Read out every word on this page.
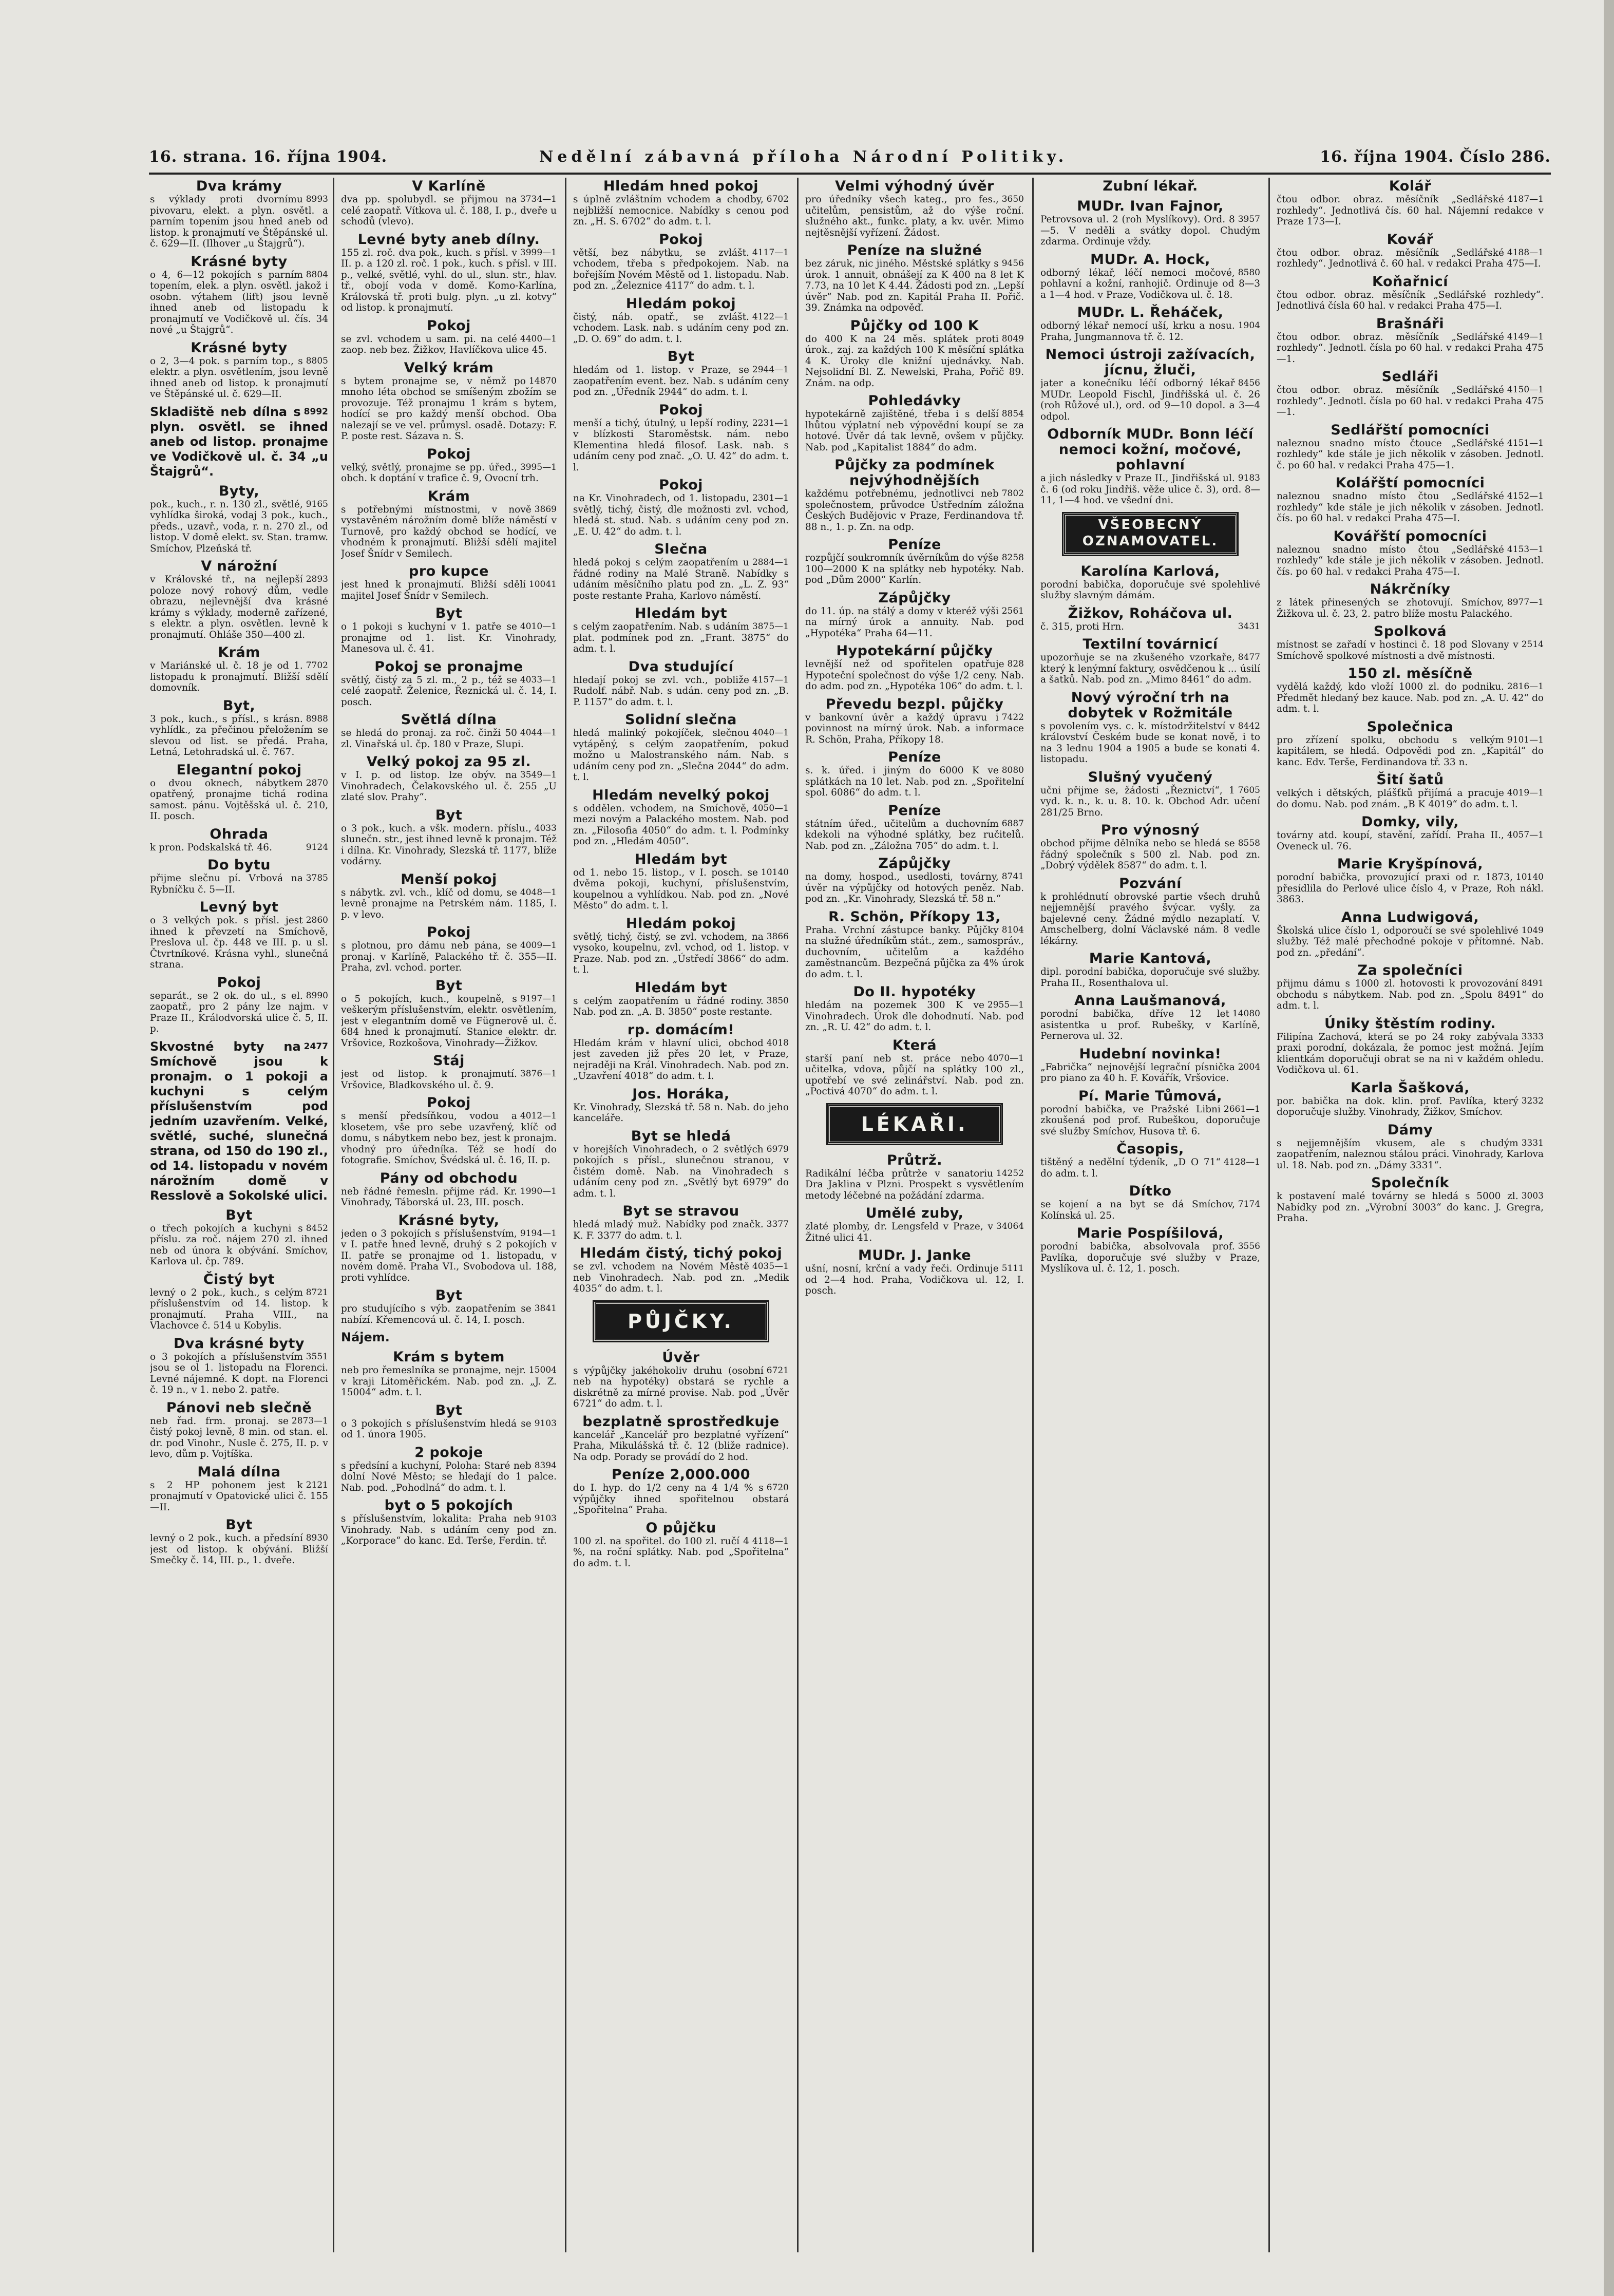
16. strana. 16. října 1904.	Nedělní zábavná příloha Národní Politiky.	16. října 1904. Číslo 286.
Dva krámy
8993
s výklady proti dvornímu pivovaru, elekt. a plyn. osvětl. a parním topením jsou hned aneb od listop. k pronajmutí ve Štěpánské ul. č. 629—II. (Ilhover „u Štajgrů“).
Krásné byty
8804
o 4, 6—12 pokojích s parním topením, elek. a plyn. osvětl. jakož i osobn. výtahem (lift) jsou levně ihned aneb od listopadu k pronajmutí ve Vodičkově ul. čís. 34 nové „u Štajgrů“.
Krásné byty
8805
o 2, 3—4 pok. s parním top., s elektr. a plyn. osvětlením, jsou levně ihned aneb od listop. k pronajmutí ve Štěpánské ul. č. 629—II.
8992
Skladiště neb dílna s plyn. osvětl. se ihned aneb od listop. pronajme ve Vodičkově ul. č. 34 „u Štajgrů“.
Byty,
9165
pok., kuch., r. n. 130 zl., světlé, vyhlídka široká, vodaj 3 pok., kuch., předs., uzavř., voda, r. n. 270 zl., od listop. V domě elekt. sv. Stan. tramw. Smíchov, Plzeňská tř.
V nárožní
2893
v Královské tř., na nejlepší poloze nový rohový dům, vedle obrazu, nejlevnější dva krásné krámy s výklady, moderně zařízené, s elektr. a plyn. osvětlen. levně k pronajmutí. Ohláše 350—400 zl.
Krám
7702
v Mariánské ul. č. 18 je od 1. listopadu k pronajmutí. Bližší sdělí domovník.
Byt,
8988
3 pok., kuch., s přísl., s krásn. vyhlídk., za přečinou přeložením se slevou od list. se předá. Praha, Letná, Letohradská ul. č. 767.
Elegantní pokoj
2870
o dvou oknech, nábytkem opatřený, pronajme tichá rodina samost. pánu. Vojtěšská ul. č. 210, II. posch.
Ohrada
9124
k pron. Podskalská tř. 46.
Do bytu
3785
přijme slečnu pí. Vrbová na Rybníčku č. 5—II.
Levný byt
2860
o 3 velkých pok. s přísl. jest ihned k převzetí na Smíchově, Preslova ul. čp. 448 ve III. p. u sl. Čtvrtníkové. Krásna vyhl., slunečná strana.
Pokoj
8990
separát., se 2 ok. do ul., s el. zaopatř., pro 2 pány lze najm. v Praze II., Králodvorská ulice č. 5, II. p.
2477
Skvostné byty na Smíchově jsou k pronajm. o 1 pokoji a kuchyni s celým příslušenstvím pod jedním uzavřením. Velké, světlé, suché, slunečná strana, od 150 do 190 zl., od 14. listopadu v novém nárožním domě v Resslově a Sokolské ulici.
Byt
8452
o třech pokojích a kuchyni s příslu. za roč. nájem 270 zl. ihned neb od února k obývání. Smíchov, Karlova ul. čp. 789.
Čistý byt
8721
levný o 2 pok., kuch., s celým příslušenstvím od 14. listop. k pronajmutí. Praha VIII., na Vlachovce č. 514 u Kobylis.
Dva krásné byty
3551
o 3 pokojích a příslušenstvím jsou se ol 1. listopadu na Florenci. Levné nájemné. K dopt. na Florenci č. 19 n., v 1. nebo 2. patře.
Pánovi neb slečně
2873—1
neb řad. frm. pronaj. se čistý pokoj levně, 8 min. od stan. el. dr. pod Vinohr., Nusle č. 275, II. p. v levo, dům p. Vojtíška.
Malá dílna
2121
s 2 HP pohonem jest k pronajmutí v Opatovické ulici č. 155—II.
Byt
8930
levný o 2 pok., kuch. a předsíní jest od listop. k obývání. Bližší Smečky č. 14, III. p., 1. dveře.
V Karlíně
3734—1
dva pp. spolubydl. se přijmou na celé zaopatř. Vítkova ul. č. 188, I. p., dveře u schodů (vlevo).
Levné byty aneb dílny.
3999—1
155 zl. roč. dva pok., kuch. s přísl. v II. p. a 120 zl. roč. 1 pok., kuch. s přísl. v III. p., velké, světlé, vyhl. do ul., slun. str., hlav. tř., obojí voda v domě. Komo-Karlína, Královská tř. proti bulg. plyn. „u zl. kotvy“ od listop. k pronajmutí.
Pokoj
4400—1
se zvl. vchodem u sam. pi. na celé zaop. neb bez. Žižkov, Havlíčkova ulice 45.
Velký krám
14870
s bytem pronajme se, v němž po mnoho léta obchod se smíšeným zbožím se provozuje. Též pronajmu 1 krám s bytem, hodící se pro každý menší obchod. Oba nalezají se ve vel. průmysl. osadě. Dotazy: F. P. poste rest. Sázava n. S.
Pokoj
3995—1
velký, světlý, pronajme se pp. úřed., obch. k doptání v trafice č. 9, Ovocní trh.
Krám
3869
s potřebnými místnostmi, v nově vystavěném nárožním domě blíže náměstí v Turnově, pro každý obchod se hodící, ve vhodném k pronajmutí. Bližší sdělí majitel Josef Šnídr v Semilech.
pro kupce
10041
jest hned k pronajmutí. Bližší sdělí majitel Josef Šnídr v Semilech.
Byt
4010—1
o 1 pokoji s kuchyní v 1. patře se pronajme od 1. list. Kr. Vinohrady, Manesova ul. č. 41.
Pokoj se pronajme
4033—1
světlý, čistý za 5 zl. m., 2 p., též se celé zaopatř. Želenice, Řeznická ul. č. 14, I. posch.
Světlá dílna
4044—1
se hledá do pronaj. za roč. činži 50 zl. Vinařská ul. čp. 180 v Praze, Slupi.
Velký pokoj za 95 zl.
3549—1
v I. p. od listop. lze obýv. na Vinohradech, Čelakovského ul. č. 255 „U zlaté slov. Prahy“.
Byt
4033
o 3 pok., kuch. a všk. modern. příslu., slunečn. str., jest ihned levně k pronajm. Též i dílna. Kr. Vinohrady, Slezská tř. 1177, blíže vodárny.
Menší pokoj
4048—1
s nábytk. zvl. vch., klíč od domu, se levně pronajme na Petrském nám. 1185, I. p. v levo.
Pokoj
4009—1
s plotnou, pro dámu neb pána, se pronaj. v Karlíně, Palackého tř. č. 355—II. Praha, zvl. vchod. porter.
Byt
9197—1
o 5 pokojích, kuch., koupelně, s veškerým příslušenstvím, elektr. osvětlením, jest v elegantním domě ve Fügnerově ul. č. 684 hned k pronajmutí. Stanice elektr. dr. Vršovice, Rozkošova, Vinohrady—Žižkov.
Stáj
3876—1
jest od listop. k pronajmutí. Vršovice, Bladkovského ul. č. 9.
Pokoj
4012—1
s menší předsíňkou, vodou a klosetem, vše pro sebe uzavřený, klíč od domu, s nábytkem nebo bez, jest k pronajm. vhodný pro úředníka. Též se hodí do fotografie. Smíchov, Švédská ul. č. 16, II. p.
Pány od obchodu
1990—1
neb řádné řemesln. přijme rád. Kr. Vinohrady, Táborská ul. 23, III. posch.
Krásné byty,
9194—1
jeden o 3 pokojích s příslušenstvím, v I. patře hned levně, druhý s 2 pokojích v II. patře se pronajme od 1. listopadu, v novém domě. Praha VI., Svobodova ul. 188, proti vyhlídce.
Byt
3841
pro studujícího s výb. zaopatřením se nabízí. Křemencová ul. č. 14, I. posch.
Nájem.
Krám s bytem
15004
neb pro řemeslníka se pronajme, nejr. v kraji Litoměřickém. Nab. pod zn. „J. Z. 15004“ adm. t. l.
Byt
9103
o 3 pokojích s příslušenstvím hledá se od 1. února 1905.
2 pokoje
8394
s předsíní a kuchyní, Poloha: Staré neb dolní Nové Město; se hledají do 1 palce. Nab. pod. „Pohodlná“ do adm. t. l.
byt o 5 pokojích
9103
s příslušenstvím, lokalita: Praha neb Vinohrady. Nab. s udáním ceny pod zn. „Korporace“ do kanc. Ed. Terše, Ferdin. tř.
Hledám hned pokoj
6702
s úplně zvláštním vchodem a chodby, nejbližší nemocnice. Nabídky s cenou pod zn. „H. S. 6702“ do adm. t. l.
Pokoj
4117—1
větší, bez nábytku, se zvlášt. vchodem, třeba s předpokojem. Nab. na bořejším Novém Městě od 1. listopadu. Nab. pod zn. „Železnice 4117“ do adm. t. l.
Hledám pokoj
4122—1
čistý, náb. opatř., se zvlášt. vchodem. Lask. nab. s udáním ceny pod zn. „D. O. 69“ do adm. t. l.
Byt
2944—1
hledám od 1. listop. v Praze, se zaopatřením event. bez. Nab. s udáním ceny pod zn. „Úředník 2944“ do adm. t. l.
Pokoj
2231—1
menší a tichý, útulný, u lepší rodiny, v blízkosti Staroměstsk. nám. nebo Klementina hledá filosof. Lask. nab. s udáním ceny pod znač. „O. U. 42“ do adm. t. l.
Pokoj
2301—1
na Kr. Vinohradech, od 1. listopadu, světlý, tichý, čistý, dle možnosti zvl. vchod, hledá st. stud. Nab. s udáním ceny pod zn. „E. U. 42“ do adm. t. l.
Slečna
2884—1
hledá pokoj s celým zaopatřením u řádné rodiny na Malé Straně. Nabídky s udáním měsíčního platu pod zn. „L. Z. 93“ poste restante Praha, Karlovo náměstí.
Hledám byt
3875—1
s celým zaopatřením. Nab. s udáním plat. podmínek pod zn. „Frant. 3875“ do adm. t. l.
Dva studující
4157—1
hledají pokoj se zvl. vch., pobliže Rudolf. nábř. Nab. s udán. ceny pod zn. „B. P. 1157“ do adm. t. l.
Solidní slečna
4040—1
hledá malinký pokojíček, slečnou vytápěný, s celým zaopatřením, pokud možno u Malostranského nám. Nab. s udáním ceny pod zn. „Slečna 2044“ do adm. t. l.
Hledám nevelký pokoj
4050—1
s oddělen. vchodem, na Smíchově, mezi novým a Palackého mostem. Nab. pod zn. „Filosofia 4050“ do adm. t. l. Podmínky pod zn. „Hledám 4050“.
Hledám byt
10140
od 1. nebo 15. listop., v I. posch. se dvěma pokoji, kuchyní, příslušenstvím, koupelnou a vyhlídkou. Nab. pod zn. „Nové Město“ do adm. t. l.
Hledám pokoj
3866
světlý, tichý, čistý, se zvl. vchodem, na vysoko, koupelnu, zvl. vchod, od 1. listop. v Praze. Nab. pod zn. „Ústředí 3866“ do adm. t. l.
Hledám byt
3850
s celým zaopatřením u řádné rodiny. Nab. pod zn. „A. B. 3850“ poste restante.
rp. domácím!
4018
Hledám krám v hlavní ulici, obchod jest zaveden již přes 20 let, v Praze, nejraději na Král. Vinohradech. Nab. pod zn. „Uzavření 4018“ do adm. t. l.
Jos. Horáka,
Kr. Vinohrady, Slezská tř. 58 n. Nab. do jeho kanceláře.
Byt se hledá
6979
v horejších Vinohradech, o 2 světlých pokojích s přísl., slunečnou stranou, v čistém domě. Nab. na Vinohradech s udáním ceny pod zn. „Světlý byt 6979“ do adm. t. l.
Byt se stravou
3377
hledá mladý muž. Nabídky pod značk. K. F. 3377 do adm. t. l.
Hledám čistý, tichý pokoj
4035—1
se zvl. vchodem na Novém Městě neb Vinohradech. Nab. pod zn. „Medik 4035“ do adm. t. l.
PŮJČKY.
Úvěr
6721
s výpůjčky jakéhokoliv druhu (osobní neb na hypotéky) obstará se rychle a diskrétně za mírné provise. Nab. pod „Úvěr 6721“ do adm. t. l.
bezplatně sprostředkuje
kancelář „Kancelář pro bezplatné vyřízení“ Praha, Mikulášská tř. č. 12 (bliže radnice). Na odp. Porady se provádí do 2 hod.
Peníze 2,000.000
6720
do I. hyp. do 1/2 ceny na 4 1/4 % s výpůjčky ihned spořitelnou obstará „Spořitelna“ Praha.
O půjčku
4118—1
100 zl. na spořitel. do 100 zl. ručí 4 %, na roční splátky. Nab. pod „Spořitelna“ do adm. t. l.
Velmi výhodný úvěr
3650
pro úředníky všech kateg., pro fes., učitelům, pensistům, až do výše roční. služného akt., funkc. platy, a kv. uvěr. Mimo nejtěsnější vyřízení. Žádost.
Peníze na služné
9456
bez záruk, nic jiného. Městské splátky s úrok. 1 annuit, obnášejí za K 400 na 8 let K 7.73, na 10 let K 4.44. Žádosti pod zn. „Lepší úvěr“ Nab. pod zn. Kapitál Praha II. Pořič. 39. Známka na odpověď.
Půjčky od 100 K
8049
do 400 K na 24 měs. splátek proti úrok., zaj. za každých 100 K měsíční splátka 4 K. Úroky dle knižní ujednávky. Nab. Nejsolidní Bl. Z. Newelski, Praha, Pořič 89. Znám. na odp.
Pohledávky
8854
hypotekárně zajištěné, třeba i s delší lhůtou výplatní neb výpovědní koupí se za hotové. Úvěr dá tak levně, ovšem v půjčky. Nab. pod „Kapitalist 1884“ do adm.
Půjčky za podmínek nejvýhodnějších
7802
každému potřebnému, jednotlivci neb společnostem, průvodce Ústředním záložna Českých Budějovic v Praze, Ferdinandova tř. 88 n., 1. p. Zn. na odp.
Peníze
8258
rozpůjčí soukromník úvěrníkům do výše 100—2000 K na splátky neb hypotéky. Nab. pod „Dům 2000“ Karlín.
Zápůjčky
2561
do 11. úp. na stálý a domy v kteréž výši na mírný úrok a annuity. Nab. pod „Hypotéka“ Praha 64—11.
Hypotekární půjčky
828
levnější než od spořitelen opatřuje Hypoteční společnost do výše 1/2 ceny. Nab. do adm. pod zn. „Hypotéka 106“ do adm. t. l.
Převedu bezpl. půjčky
7422
v bankovní úvěr a každý úpravu i povinnost na mírný úrok. Nab. a informace R. Schön, Praha, Příkopy 18.
Peníze
8080
s. k. úřed. i jiným do 6000 K ve splátkách na 10 let. Nab. pod zn. „Spořitelní spol. 6086“ do adm. t. l.
Peníze
6887
státním úřed., učitelům a duchovním kdekoli na výhodné splátky, bez ručitelů. Nab. pod zn. „Záložna 705“ do adm. t. l.
Zápůjčky
8741
na domy, hospod., usedlosti, továrny, úvěr na výpůjčky od hotových peněz. Nab. pod zn. „Kr. Vinohrady, Slezská tř. 58 n.“
R. Schön, Příkopy 13,
8104
Praha. Vrchní zástupce banky. Půjčky na služné úředníkům stát., zem., samospráv., duchovním, učitelům a každého zaměstnancům. Bezpečná půjčka za 4% úrok do adm. t. l.
Do II. hypotéky
2955—1
hledám na pozemek 300 K ve Vinohradech. Úrok dle dohodnutí. Nab. pod zn. „R. U. 42“ do adm. t. l.
Která
4070—1
starší paní neb st. práce nebo učitelka, vdova, půjčí na splátky 100 zl., upotřebí ve své zelinářství. Nab. pod zn. „Poctivá 4070“ do adm. t. l.
LÉKAŘI.
Průtrž.
14252
Radikální léčba průtrže v sanatoriu Dra Jaklina v Plzni. Prospekt s vysvětlením metody léčebné na požádání zdarma.
Umělé zuby,
34064
zlaté plomby, dr. Lengsfeld v Praze, v Žitné ulici 41.
MUDr. J. Janke
5111
ušní, nosní, krční a vady řeči. Ordinuje od 2—4 hod. Praha, Vodičkova ul. 12, I. posch.
Zubní lékař.
MUDr. Ivan Fajnor,
3957
Petrovsova ul. 2 (roh Myslíkovy). Ord. 8—5. V neděli a svátky dopol. Chudým zdarma. Ordinuje vždy.
MUDr. A. Hock,
8580
odborný lékař, léčí nemoci močové, pohlavní a kožní, ranhojič. Ordinuje od 8—3 a 1—4 hod. v Praze, Vodičkova ul. č. 18.
MUDr. L. Řeháček,
1904
odborný lékař nemocí uší, krku a nosu. Praha, Jungmannova tř. č. 12.
Nemoci ústroji zažívacích, jícnu, žluči,
8456
jater a konečníku léčí odborný lékař MUDr. Leopold Fischl, Jindřišská ul. č. 26 (roh Růžové ul.), ord. od 9—10 dopol. a 3—4 odpol.
Odborník MUDr. Bonn léčí nemoci kožní, močové, pohlavní
9183
a jich následky v Praze II., Jindřišská ul. č. 6 (od roku Jindřiš. věže ulice č. 3), ord. 8—11, 1—4 hod. ve všední dni.
VŠEOBECNÝ OZNAMOVATEL.
Karolína Karlová,
porodní babička, doporučuje své spolehlivé služby slavným dámám.
Žižkov, Roháčova ul.
3431
č. 315, proti Hrn.
Textilní továrnicí
8477
upozorňuje se na zkušeného vzorkaře, který k lenýmní faktury, osvědčenou k ... úsilí a šatků. Nab. pod zn. „Mimo 8461“ do adm.
Nový výroční trh na dobytek v Rožmitále
8442
s povolením vys. c. k. místodržitelství v království Českém bude se konat nově, i to na 3 lednu 1904 a 1905 a bude se konati 4. listopadu.
Slušný vyučený
7605
učni přijme se, žádosti „Řeznictví“, 1 vyd. k. n., k. u. 8. 10. k. Obchod Adr. učení 281/25 Brno.
Pro výnosný
8558
obchod přijme dělníka nebo se hledá se řádný společník s 500 zl. Nab. pod zn. „Dobrý výdělek 8587“ do adm. t. l.
Pozvání
k prohlédnutí obrovské partie všech druhů nejjemnější pravého švýcar. vyšly. za bajelevné ceny. Žádné mýdlo nezaplatí. V. Amschelberg, dolní Václavské nám. 8 vedle lékárny.
Marie Kantová,
dipl. porodní babička, doporučuje své služby. Praha II., Rosenthalova ul.
Anna Laušmanová,
14080
porodní babička, dříve 12 let asistentka u prof. Rubešky, v Karlíně, Pernerova ul. 32.
Hudební novinka!
2004
„Fabrička“ nejnovější legrační písnička pro piano za 40 h. F. Kovářík, Vršovice.
Pí. Marie Tůmová,
2661—1
porodní babička, ve Pražské Libni zkoušená pod prof. Rubeškou, doporučuje své služby Smíchov, Husova tř. 6.
Časopis,
4128—1
tištěný a nedělní týdeník, „D O 71“ do adm. t. l.
Dítko
7174
se kojení a na byt se dá Smíchov, Kolínská ul. 25.
Marie Pospíšilová,
3556
porodní babička, absolvovala prof. Pavlíka, doporučuje své služby v Praze, Myslíkova ul. č. 12, 1. posch.
Kolář
4187—1
čtou odbor. obraz. měsíčník „Sedlářské rozhledy“. Jednotlivá čís. 60 hal. Nájemní redakce v Praze 173—I.
Kovář
4188—1
čtou odbor. obraz. měsíčník „Sedlářské rozhledy“. Jednotlivá č. 60 hal. v redakci Praha 475—I.
Koňařnicí
čtou odbor. obraz. měsíčník „Sedlářské rozhledy“. Jednotlivá čísla 60 hal. v redakci Praha 475—I.
Brašnáři
4149—1
čtou odbor. obraz. měsíčník „Sedlářské rozhledy“. Jednotl. čísla po 60 hal. v redakci Praha 475—1.
Sedláři
4150—1
čtou odbor. obraz. měsíčník „Sedlářské rozhledy“. Jednotl. čísla po 60 hal. v redakci Praha 475—1.
Sedlářští pomocníci
4151—1
naleznou snadno místo čtouce „Sedlářské rozhledy“ kde stále je jich několik v zásoben. Jednotl. č. po 60 hal. v redakci Praha 475—1.
Kolářští pomocníci
4152—1
naleznou snadno místo čtou „Sedlářské rozhledy“ kde stále je jich několik v zásoben. Jednotl. čís. po 60 hal. v redakci Praha 475—I.
Kovářští pomocníci
4153—1
naleznou snadno místo čtou „Sedlářské rozhledy“ kde stále je jich několik v zásoben. Jednotl. čís. po 60 hal. v redakci Praha 475—I.
Nákrčníky
8977—1
z látek přinesených se zhotovují. Smíchov, Žižkova ul. č. 23, 2. patro blíže mostu Palackého.
Spolková
2514
místnost se zařadí v hostinci č. 18 pod Slovany v Smíchově spolkové místnosti a dvě místnosti.
150 zl. měsíčně
2816—1
vydělá každý, kdo vloží 1000 zl. do podniku. Předmět hledaný bez kauce. Nab. pod zn. „A. U. 42“ do adm. t. l.
Společnica
9101—1
pro zřízení spolku, obchodu s velkým kapitálem, se hledá. Odpovědi pod zn. „Kapitál“ do kanc. Edv. Terše, Ferdinandova tř. 33 n.
Šití šatů
4019—1
velkých i dětských, plášťků přijímá a pracuje do domu. Nab. pod znám. „B K 4019“ do adm. t. l.
Domky, vily,
4057—1
továrny atd. koupí, stavění, zařídí. Praha II., Oveneck ul. 76.
Marie Kryšpínová,
10140
porodní babička, provozující praxi od r. 1873, přesídlila do Perlové ulice číslo 4, v Praze, Roh nákl. 3863.
Anna Ludwigová,
1049
Školská ulice číslo 1, odporoučí se své spolehlivé služby. Též malé přechodné pokoje v přítomné. Nab. pod zn. „předání“.
Za společníci
8491
přijmu dámu s 1000 zl. hotovosti k provozování obchodu s nábytkem. Nab. pod zn. „Spolu 8491“ do adm. t. l.
Úniky štěstím rodiny.
3333
Filipína Zachová, která se po 24 roky zabývala praxi porodní, dokázala, že pomoc jest možná. Jejím klientkám doporučuji obrat se na ni v každém ohledu. Vodičkova ul. 61.
Karla Šašková,
3232
por. babička na dok. klin. prof. Pavlíka, který doporučuje služby. Vinohrady, Žižkov, Smíchov.
Dámy
3331
s nejjemnějším vkusem, ale s chudým zaopatřením, naleznou stálou práci. Vinohrady, Karlova ul. 18. Nab. pod zn. „Dámy 3331“.
Společník
3003
k postavení malé továrny se hledá s 5000 zl. Nabídky pod zn. „Výrobní 3003“ do kanc. J. Gregra, Praha.
